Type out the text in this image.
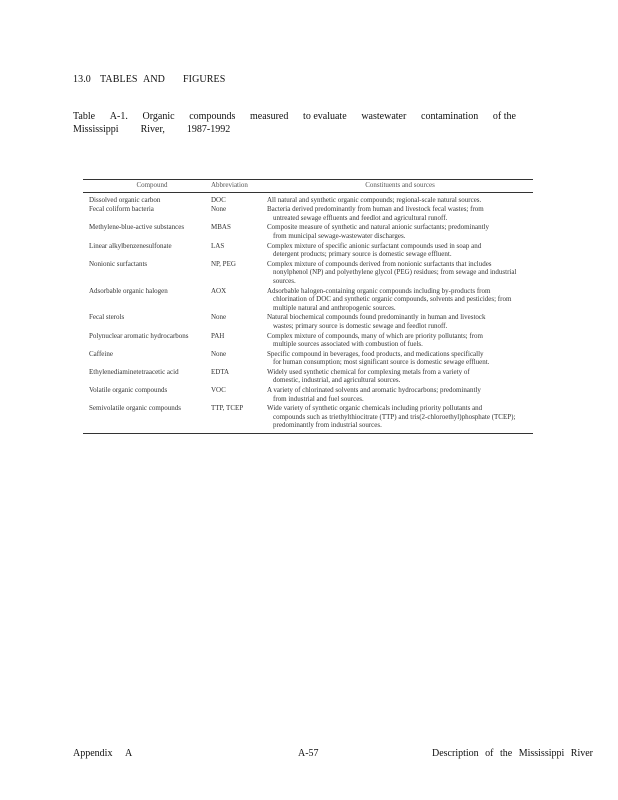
13.0 TABLES AND FIGURES
Table A-1. Organic compounds measured to evaluate wastewater contamination of the
Mississippi River, 1987-1992
Compound	Abbreviation	Constituents and sources
Dissolved organic carbon	DOC	All natural and synthetic organic compounds; regional-scale natural sources.
Fecal coliform bacteria	None	Bacteria derived predominantly from human and livestock fecal wastes; from
untreated sewage effluents and feedlot and agricultural runoff.
Methylene-blue-active substances	MBAS	Composite measure of synthetic and natural anionic surfactants; predominantly
from municipal sewage-wastewater discharges.
Linear alkylbenzenesulfonate	LAS	Complex mixture of specific anionic surfactant compounds used in soap and
detergent products; primary source is domestic sewage effluent.
Nonionic surfactants	NP, PEG	Complex mixture of compounds derived from nonionic surfactants that includes
nonylphenol (NP) and polyethylene glycol (PEG) residues; from sewage and industrial sources.
Adsorbable organic halogen	AOX	Adsorbable halogen-containing organic compounds including by-products from
chlorination of DOC and synthetic organic compounds, solvents and pesticides; from multiple natural and anthropogenic sources.
Fecal sterols	None	Natural biochemical compounds found predominantly in human and livestock
wastes; primary source is domestic sewage and feedlot runoff.
Polynuclear aromatic hydrocarbons	PAH	Complex mixture of compounds, many of which are priority pollutants; from
multiple sources associated with combustion of fuels.
Caffeine	None	Specific compound in beverages, food products, and medications specifically
for human consumption; most significant source is domestic sewage effluent.
Ethylenediaminetetraacetic acid	EDTA	Widely used synthetic chemical for complexing metals from a variety of
domestic, industrial, and agricultural sources.
Volatile organic compounds	VOC	A variety of chlorinated solvents and aromatic hydrocarbons; predominantly
from industrial and fuel sources.
Semivolatile organic compounds	TTP, TCEP	Wide variety of synthetic organic chemicals including priority pollutants and
compounds such as triethylthiocitrate (TTP) and tris(2-chloroethyl)phosphate (TCEP); predominantly from industrial sources.
Appendix A	A-57	Description of the Mississippi River
